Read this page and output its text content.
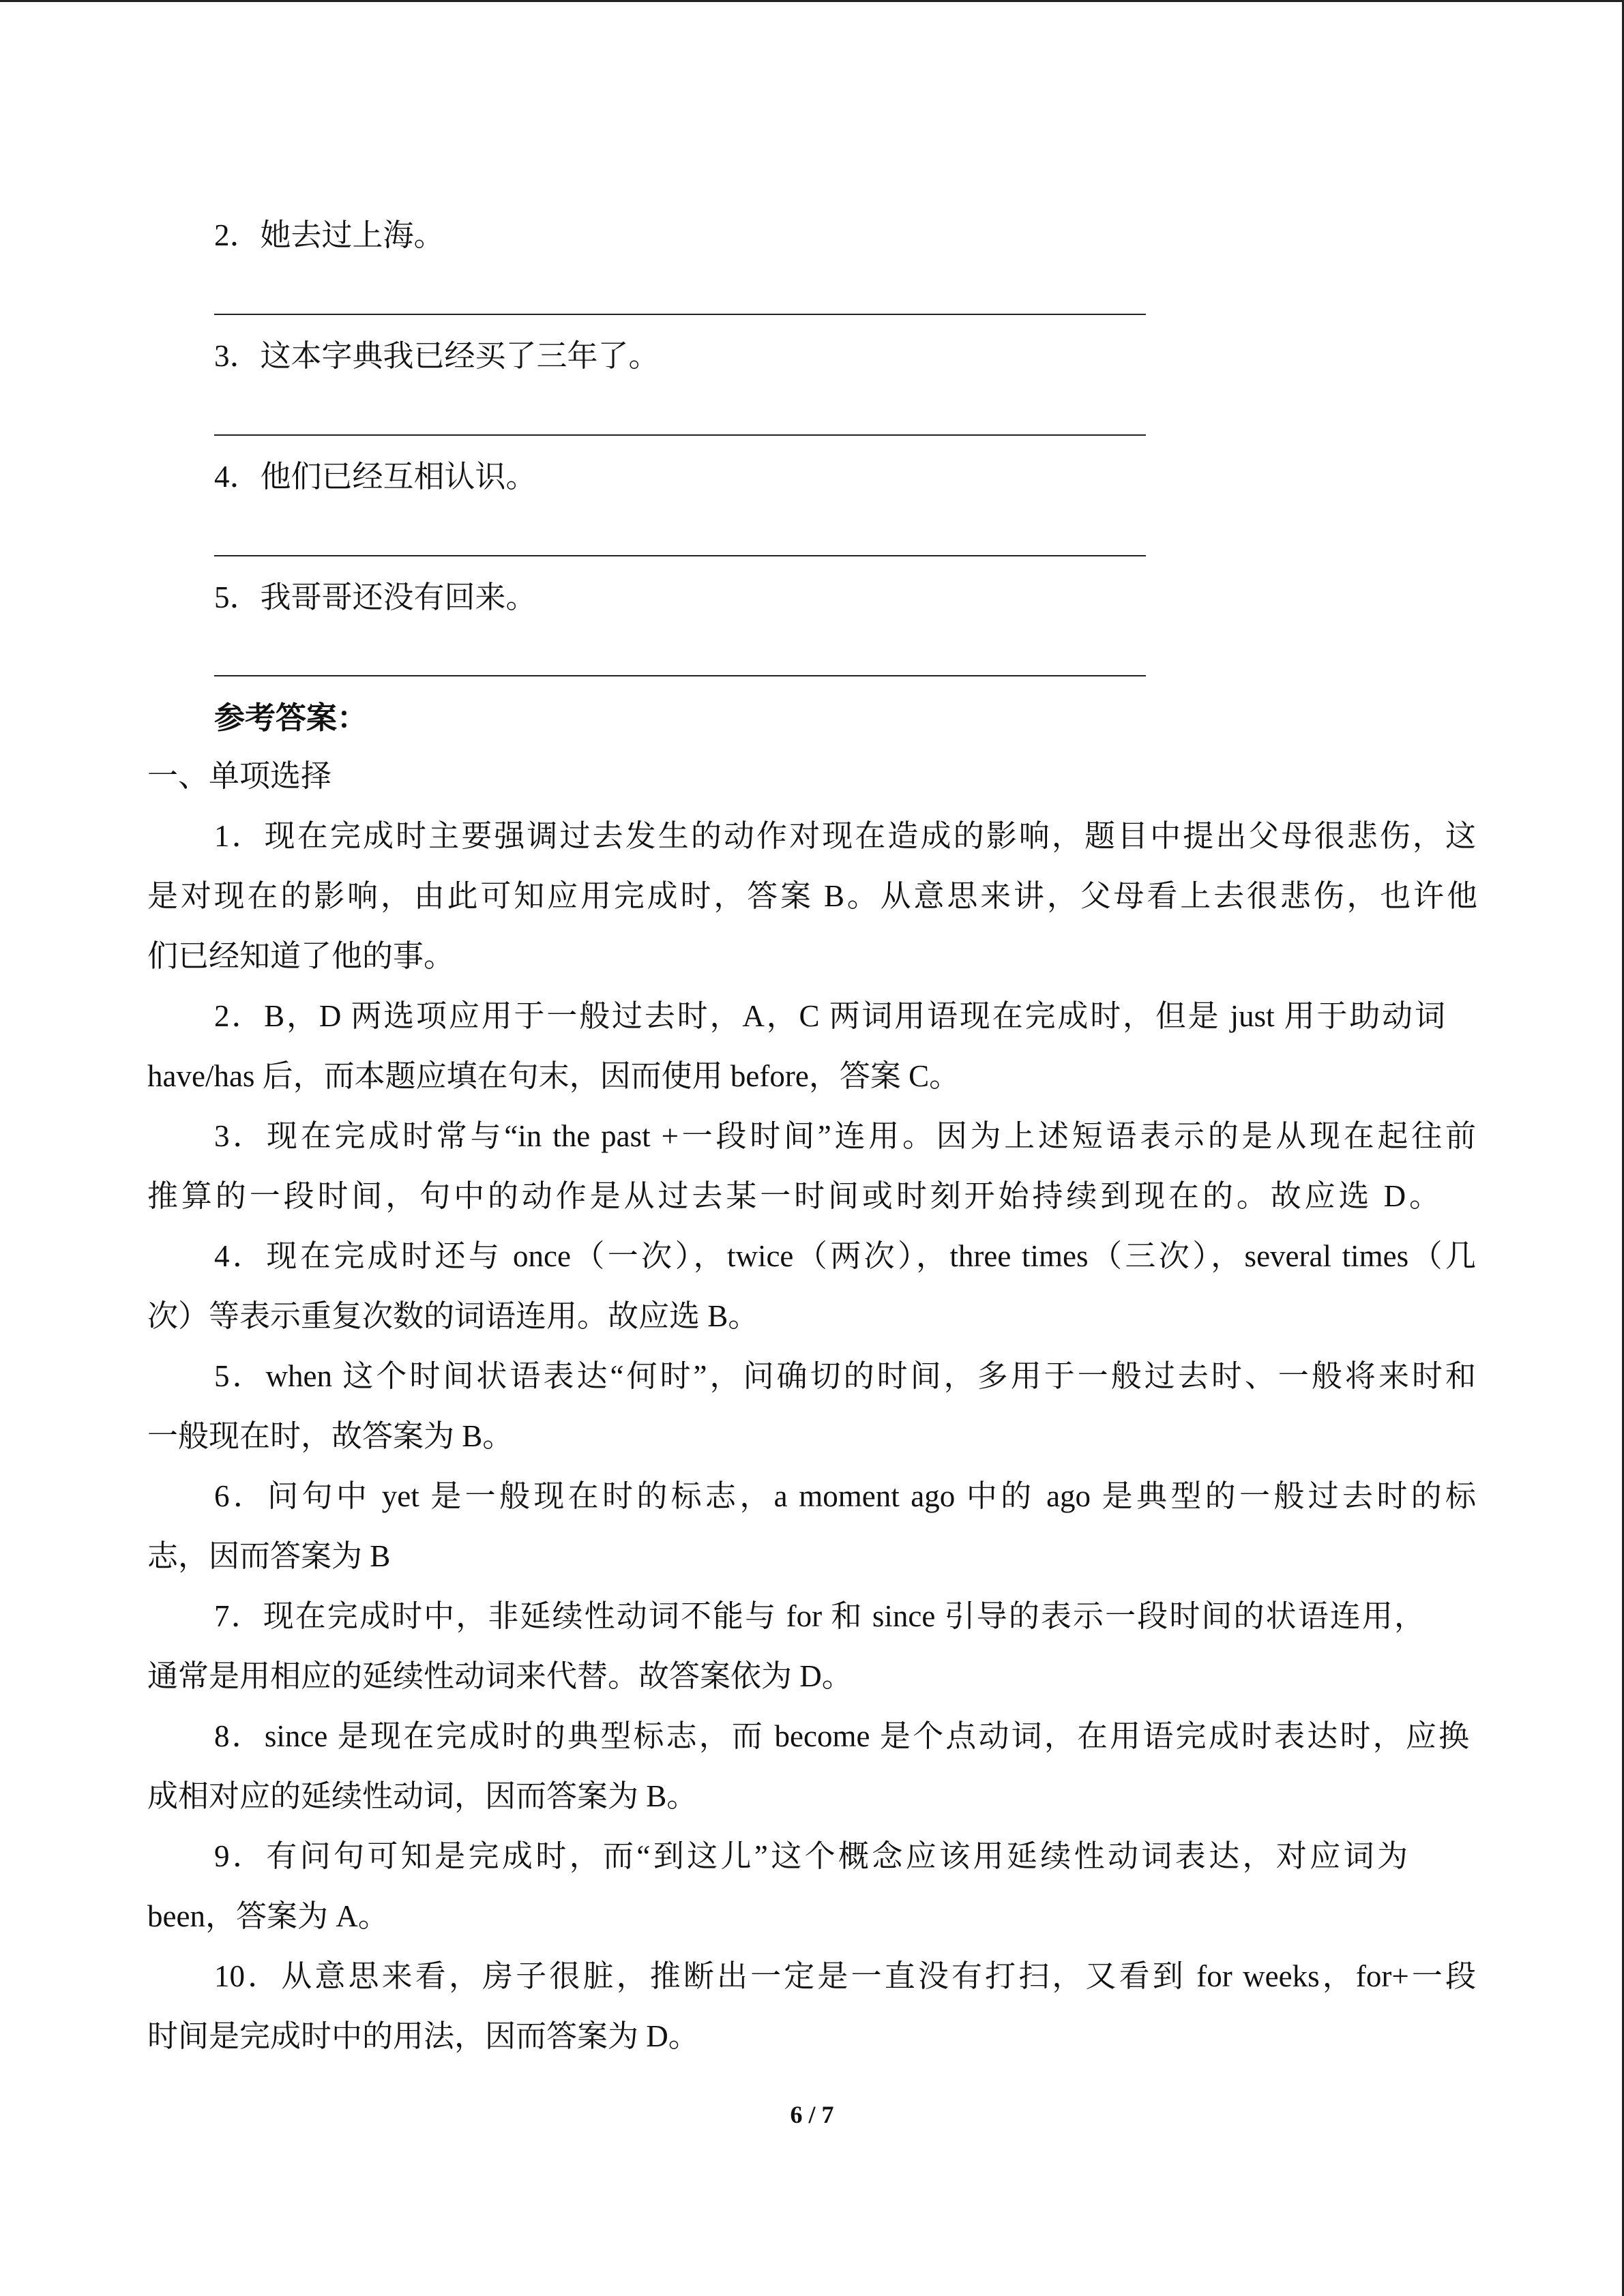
2．她去过上海。
3．这本字典我已经买了三年了。
4．他们已经互相认识。
5．我哥哥还没有回来。
参考答案：
一、单项选择
1．现在完成时主要强调过去发生的动作对现在造成的影响，题目中提出父母很悲伤，这
是对现在的影响，由此可知应用完成时，答案 B。从意思来讲，父母看上去很悲伤，也许他
们已经知道了他的事。
2．B，D 两选项应用于一般过去时，A，C 两词用语现在完成时，但是 just 用于助动词
have/has 后，而本题应填在句末，因而使用 before，答案 C。
3．现在完成时常与“in the past +一段时间”连用。因为上述短语表示的是从现在起往前
推算的一段时间，句中的动作是从过去某一时间或时刻开始持续到现在的。故应选 D。
4．现在完成时还与 once（一次），twice（两次），three times（三次），several times（几
次）等表示重复次数的词语连用。故应选 B。
5．when 这个时间状语表达“何时”，问确切的时间，多用于一般过去时、一般将来时和
一般现在时，故答案为 B。
6．问句中 yet 是一般现在时的标志，a moment ago 中的 ago 是典型的一般过去时的标
志，因而答案为 B
7．现在完成时中，非延续性动词不能与 for 和 since 引导的表示一段时间的状语连用，
通常是用相应的延续性动词来代替。故答案依为 D。
8．since 是现在完成时的典型标志，而 become 是个点动词，在用语完成时表达时，应换
成相对应的延续性动词，因而答案为 B。
9．有问句可知是完成时，而“到这儿”这个概念应该用延续性动词表达，对应词为
been，答案为 A。
10．从意思来看，房子很脏，推断出一定是一直没有打扫，又看到 for weeks，for+一段
时间是完成时中的用法，因而答案为 D。
6 / 7
